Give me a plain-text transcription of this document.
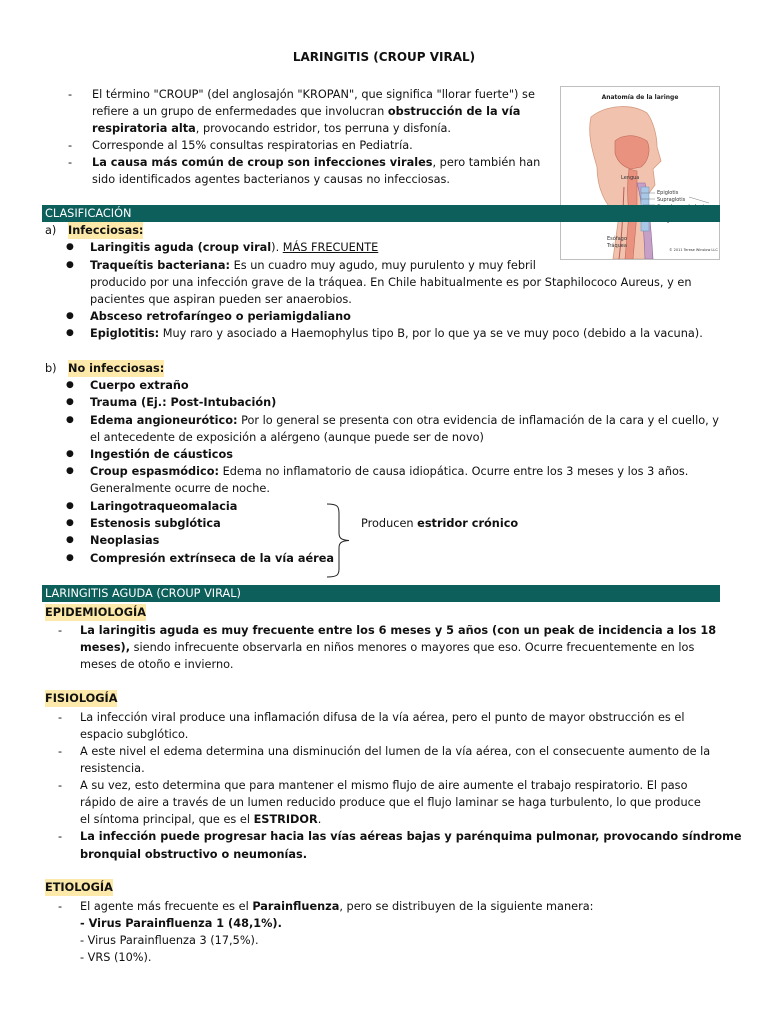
LARINGITIS (CROUP VIRAL)
-	El término "CROUP" (del anglosajón "KROPAN", que significa "llorar fuerte") se
refiere a un grupo de enfermedades que involucran obstrucción de la vía
respiratoria alta, provocando estridor, tos perruna y disfonía.
-	Corresponde al 15% consultas respiratorias en Pediatría.
-	La causa más común de croup son infecciones virales, pero también han
sido identificados agentes bacterianos y causas no infecciosas.
Anatomía de la laringe
Lengua
Epiglotis
Supraglotis
Esófago
Tráquea
© 2011 Terese Winslow LLC
CLASIFICACIÓN
a) Infecciosas:
● Laringitis aguda (croup viral). MÁS FRECUENTE
● Traqueítis bacteriana: Es un cuadro muy agudo, muy purulento y muy febril
producido por una infección grave de la tráquea. En Chile habitualmente es por Staphilococo Aureus, y en
pacientes que aspiran pueden ser anaerobios.
● Absceso retrofaríngeo o periamigdaliano
● Epiglotitis: Muy raro y asociado a Haemophylus tipo B, por lo que ya se ve muy poco (debido a la vacuna).
b) No infecciosas:
● Cuerpo extraño
● Trauma (Ej.: Post-Intubación)
● Edema angioneurótico: Por lo general se presenta con otra evidencia de inflamación de la cara y el cuello, y
el antecedente de exposición a alérgeno (aunque puede ser de novo)
● Ingestión de cáusticos
● Croup espasmódico: Edema no inflamatorio de causa idiopática. Ocurre entre los 3 meses y los 3 años.
Generalmente ocurre de noche.
● Laringotraqueomalacia
● Estenosis subglótica
● Neoplasias
● Compresión extrínseca de la vía aérea
Producen estridor crónico
LARINGITIS AGUDA (CROUP VIRAL)
EPIDEMIOLOGÍA
-	La laringitis aguda es muy frecuente entre los 6 meses y 5 años (con un peak de incidencia a los 18
meses), siendo infrecuente observarla en niños menores o mayores que eso. Ocurre frecuentemente en los
meses de otoño e invierno.
FISIOLOGÍA
-	La infección viral produce una inflamación difusa de la vía aérea, pero el punto de mayor obstrucción es el
espacio subglótico.
-	A este nivel el edema determina una disminución del lumen de la vía aérea, con el consecuente aumento de la
resistencia.
-	A su vez, esto determina que para mantener el mismo flujo de aire aumente el trabajo respiratorio. El paso
rápido de aire a través de un lumen reducido produce que el flujo laminar se haga turbulento, lo que produce
el síntoma principal, que es el ESTRIDOR.
-	La infección puede progresar hacia las vías aéreas bajas y parénquima pulmonar, provocando síndrome
bronquial obstructivo o neumonías.
ETIOLOGÍA
-	El agente más frecuente es el Parainfluenza, pero se distribuyen de la siguiente manera:
- Virus Parainfluenza 1 (48,1%).
- Virus Parainfluenza 3 (17,5%).
- VRS (10%).
